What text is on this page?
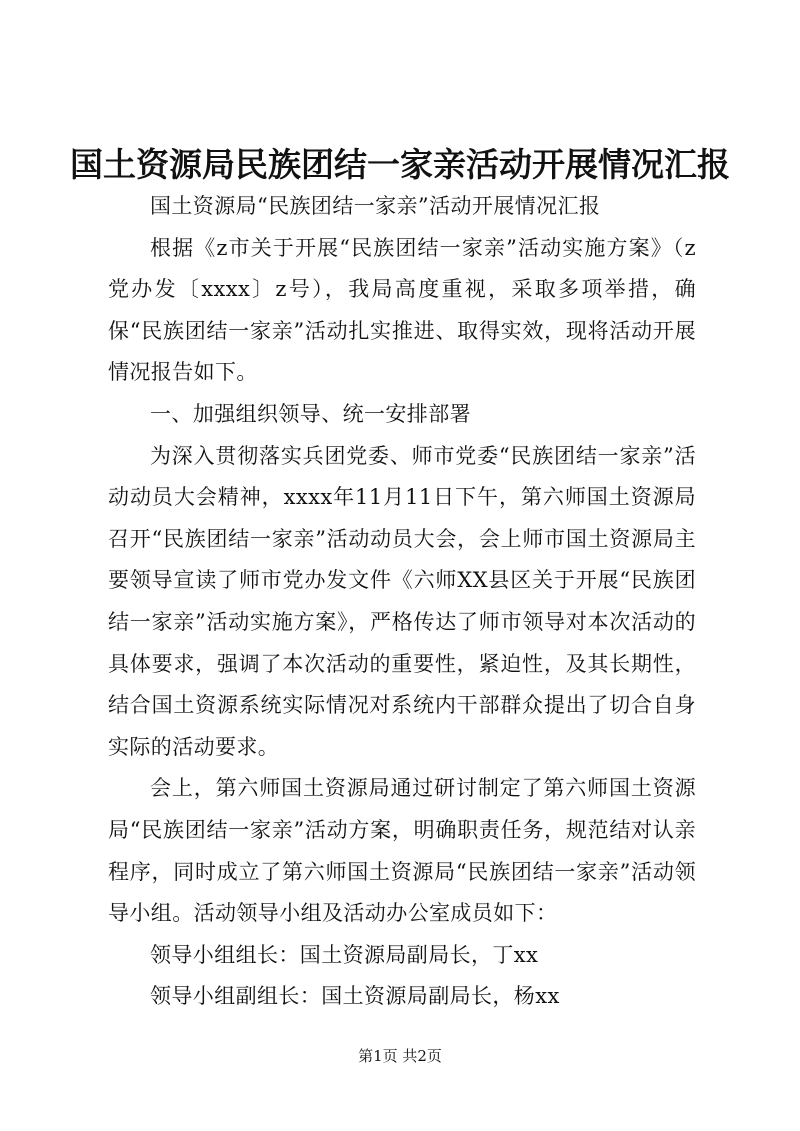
国土资源局民族团结一家亲活动开展情况汇报

国土资源局“民族团结一家亲”活动开展情况汇报

根据《z市关于开展“民族团结一家亲”活动实施方案》（z党办发〔xxxx〕z号），我局高度重视，采取多项举措，确保“民族团结一家亲”活动扎实推进、取得实效，现将活动开展情况报告如下。

一、加强组织领导、统一安排部署

为深入贯彻落实兵团党委、师市党委“民族团结一家亲”活动动员大会精神，xxxx年11月11日下午，第六师国土资源局召开“民族团结一家亲”活动动员大会，会上师市国土资源局主要领导宣读了师市党办发文件《六师XX县区关于开展“民族团结一家亲”活动实施方案》，严格传达了师市领导对本次活动的具体要求，强调了本次活动的重要性，紧迫性，及其长期性，结合国土资源系统实际情况对系统内干部群众提出了切合自身实际的活动要求。

会上，第六师国土资源局通过研讨制定了第六师国土资源局“民族团结一家亲”活动方案，明确职责任务，规范结对认亲程序，同时成立了第六师国土资源局“民族团结一家亲”活动领导小组。活动领导小组及活动办公室成员如下：

领导小组组长：国土资源局副局长，丁xx

领导小组副组长：国土资源局副局长，杨xx

第1页 共2页
